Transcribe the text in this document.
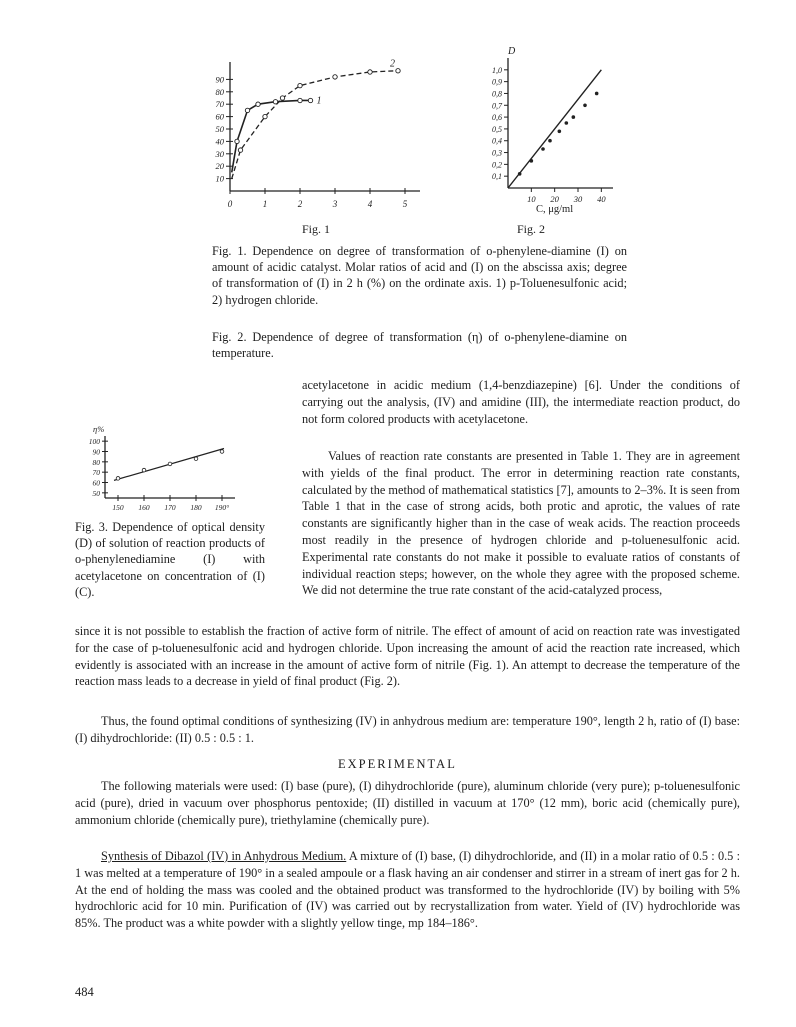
10
20
30
40
50
60
70
80
90
0	1	2	3	4	5
1
2
Fig. 1
D
0,1
0,2
0,3
0,4
0,5
0,6
0,7
0,8
0,9
1,0
10 20 30 40
C, μg/ml
Fig. 2
Fig. 1. Dependence on degree of transformation of o-phenylene-diamine (I) on amount of acidic catalyst. Molar ratios of acid and (I) on the abscissa axis; degree of transformation of (I) in 2 h (%) on the ordinate axis. 1) p-Toluenesulfonic acid; 2) hydrogen chloride.
Fig. 2. Dependence of degree of transformation (η) of o-phenylene-diamine on temperature.
η%
50
60
70
80
90
100
150 160 170 180 190°
Fig. 3. Dependence of optical density (D) of solution of reaction products of o-phenylenediamine (I) with acetylacetone on concentration of (I) (C).
acetylacetone in acidic medium (1,4-benzdiazepine) [6]. Under the conditions of carrying out the analysis, (IV) and amidine (III), the intermediate reaction product, do not form colored products with acetylacetone.
Values of reaction rate constants are presented in Table 1. They are in agreement with yields of the final product. The error in determining reaction rate constants, calculated by the method of mathematical statistics [7], amounts to 2–3%. It is seen from Table 1 that in the case of strong acids, both protic and aprotic, the values of rate constants are significantly higher than in the case of weak acids. The reaction proceeds most readily in the presence of hydrogen chloride and p-toluenesulfonic acid. Experimental rate constants do not make it possible to evaluate ratios of constants of individual reaction steps; however, on the whole they agree with the proposed scheme. We did not determine the true rate constant of the acid-catalyzed process,
since it is not possible to establish the fraction of active form of nitrile. The effect of amount of acid on reaction rate was investigated for the case of p-toluenesulfonic acid and hydrogen chloride. Upon increasing the amount of acid the reaction rate increased, which evidently is associated with an increase in the amount of active form of nitrile (Fig. 1). An attempt to decrease the temperature of the reaction mass leads to a decrease in yield of final product (Fig. 2).
Thus, the found optimal conditions of synthesizing (IV) in anhydrous medium are: temperature 190°, length 2 h, ratio of (I) base: (I) dihydrochloride: (II) 0.5 : 0.5 : 1.
EXPERIMENTAL
The following materials were used: (I) base (pure), (I) dihydrochloride (pure), aluminum chloride (very pure); p-toluenesulfonic acid (pure), dried in vacuum over phosphorus pentoxide; (II) distilled in vacuum at 170° (12 mm), boric acid (chemically pure), ammonium chloride (chemically pure), triethylamine (chemically pure).
Synthesis of Dibazol (IV) in Anhydrous Medium. A mixture of (I) base, (I) dihydrochloride, and (II) in a molar ratio of 0.5 : 0.5 : 1 was melted at a temperature of 190° in a sealed ampoule or a flask having an air condenser and stirrer in a stream of inert gas for 2 h. At the end of holding the mass was cooled and the obtained product was transformed to the hydrochloride (IV) by boiling with 5% hydrochloric acid for 10 min. Purification of (IV) was carried out by recrystallization from water. Yield of (IV) hydrochloride was 85%. The product was a white powder with a slightly yellow tinge, mp 184–186°.
484
